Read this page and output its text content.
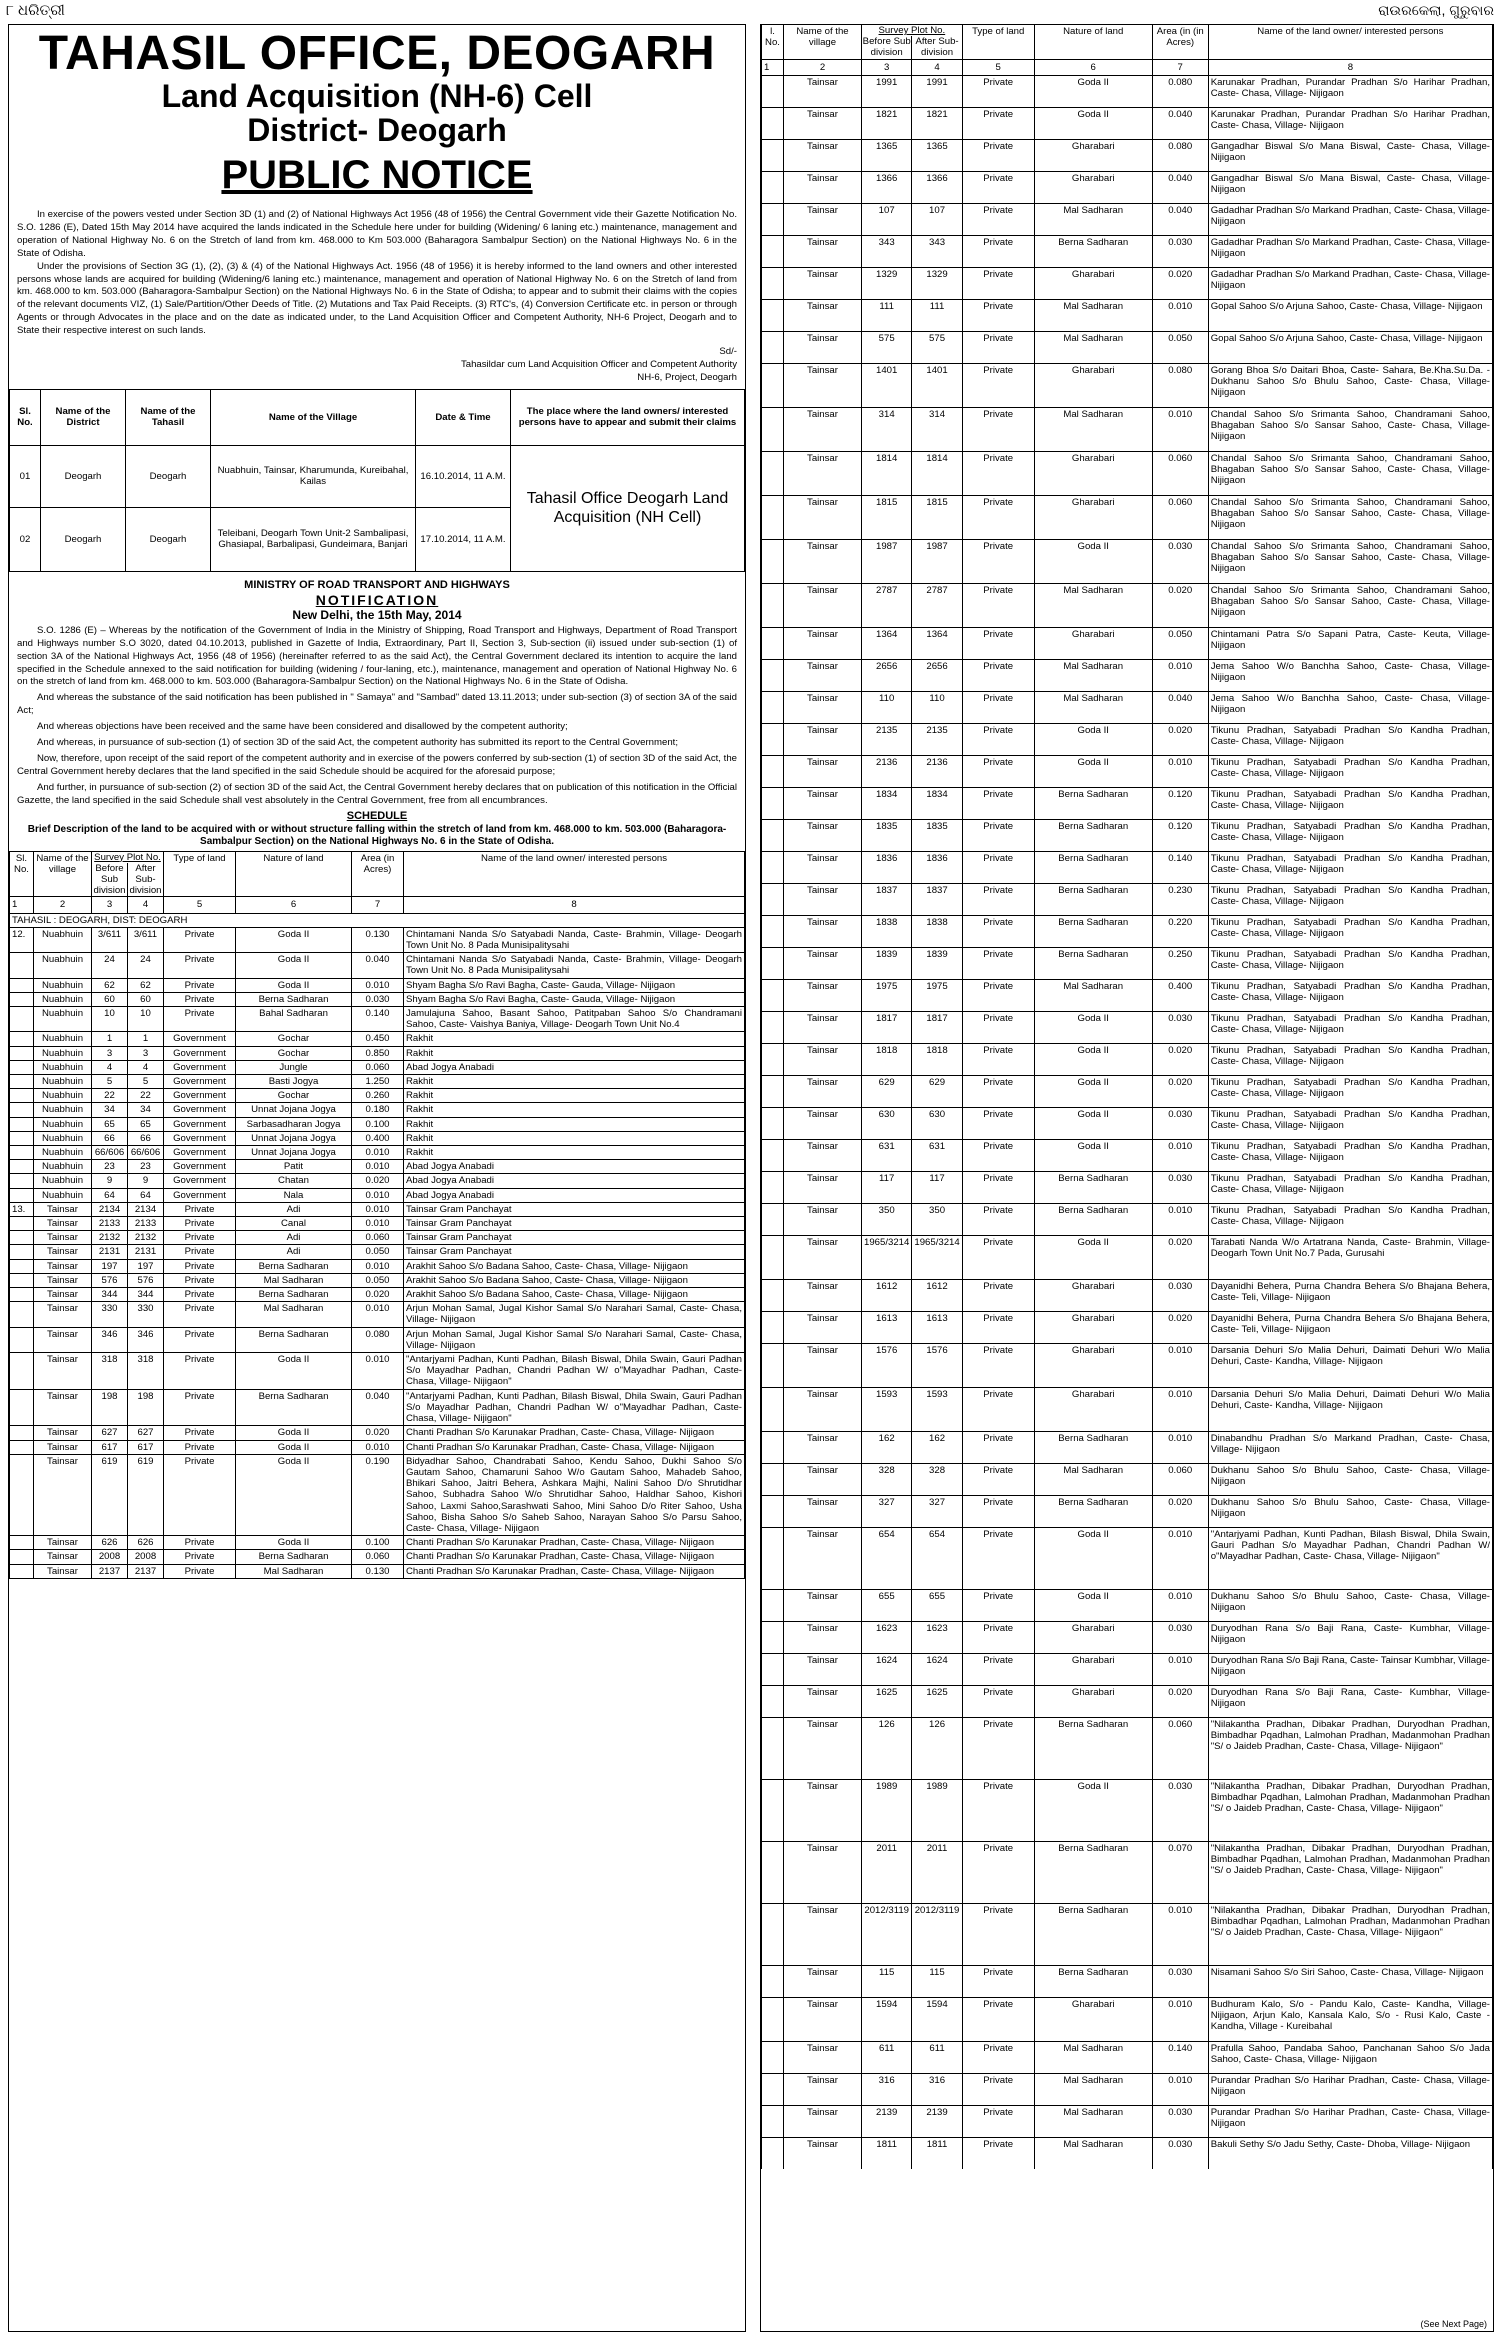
୮ ଧରିତ୍ରୀ	ରାଉରକେଲା, ଗୁରୁବାର
TAHASIL OFFICE, DEOGARH
Land Acquisition (NH-6) Cell
District- Deogarh
PUBLIC NOTICE

In exercise of the powers vested under Section 3D (1) and (2) of National Highways Act 1956 (48 of 1956) the Central Government vide their Gazette Notification No. S.O. 1286 (E), Dated 15th May 2014 have acquired the lands indicated in the Schedule here under for building (Widening/ 6 laning etc.) maintenance, management and operation of National Highway No. 6 on the Stretch of land from km. 468.000 to Km 503.000 (Baharagora Sambalpur Section) on the National Highways No. 6 in the State of Odisha.

Under the provisions of Section 3G (1), (2), (3) & (4) of the National Highways Act. 1956 (48 of 1956) it is hereby informed to the land owners and other interested persons whose lands are acquired for building (Widening/6 laning etc.) maintenance, management and operation of National Highway No. 6 on the Stretch of land from km. 468.000 to km. 503.000 (Baharagora-Sambalpur Section) on the National Highways No. 6 in the State of Odisha; to appear and to submit their claims with the copies of the relevant documents VIZ, (1) Sale/Partition/Other Deeds of Title. (2) Mutations and Tax Paid Receipts. (3) RTC's, (4) Conversion Certificate etc. in person or through Agents or through Advocates in the place and on the date as indicated under, to the Land Acquisition Officer and Competent Authority, NH-6 Project, Deogarh and to State their respective interest on such lands.

Sd/-
Tahasildar cum Land Acquisition Officer and Competent Authority
NH-6, Project, Deogarh
Sl. No.	Name of the District	Name of the Tahasil	Name of the Village	Date & Time	The place where the land owners/ interested persons have to appear and submit their claims
01	Deogarh	Deogarh	Nuabhuin, Tainsar, Kharumunda, Kureibahal, Kailas	16.10.2014, 11 A.M.	Tahasil Office Deogarh Land Acquisition (NH Cell)
02	Deogarh	Deogarh	Teleibani, Deogarh Town Unit-2 Sambalipasi, Ghasiapal, Barbalipasi, Gundeimara, Banjari	17.10.2014, 11 A.M.	
MINISTRY OF ROAD TRANSPORT AND HIGHWAYS
NOTIFICATION
New Delhi, the 15th May, 2014

S.O. 1286 (E) – Whereas by the notification of the Government of India in the Ministry of Shipping, Road Transport and Highways, Department of Road Transport and Highways number S.O 3020, dated 04.10.2013, published in Gazette of India, Extraordinary, Part II, Section 3, Sub-section (ii) issued under sub-section (1) of section 3A of the National Highways Act, 1956 (48 of 1956) (hereinafter referred to as the said Act), the Central Government declared its intention to acquire the land specified in the Schedule annexed to the said notification for building (widening / four-laning, etc.), maintenance, management and operation of National Highway No. 6 on the stretch of land from km. 468.000 to km. 503.000 (Baharagora-Sambalpur Section) on the National Highways No. 6 in the State of Odisha.

And whereas the substance of the said notification has been published in " Samaya" and "Sambad" dated 13.11.2013; under sub-section (3) of section 3A of the said Act;

And whereas objections have been received and the same have been considered and disallowed by the competent authority;

And whereas, in pursuance of sub-section (1) of section 3D of the said Act, the competent authority has submitted its report to the Central Government;

Now, therefore, upon receipt of the said report of the competent authority and in exercise of the powers conferred by sub-section (1) of section 3D of the said Act, the Central Government hereby declares that the land specified in the said Schedule should be acquired for the aforesaid purpose;

And further, in pursuance of sub-section (2) of section 3D of the said Act, the Central Government hereby declares that on publication of this notification in the Official Gazette, the land specified in the said Schedule shall vest absolutely in the Central Government, free from all encumbrances.

SCHEDULE
Brief Description of the land to be acquired with or without structure falling within the stretch of land from km. 468.000 to km. 503.000 (Baharagora-Sambalpur Section) on the National Highways No. 6 in the State of Odisha.
Sl. No.	Name of the village	Survey Plot No.
Before Sub division
After Sub- division		Type of land	Nature of land	Area (in Acres)	Name of the land owner/ interested persons
1	2	3	4	5	6	7	8
TAHASIL : DEOGARH, DIST: DEOGARH							
12.	Nuabhuin	3/611	3/611	Private	Goda II	0.130	Chintamani Nanda S/o Satyabadi Nanda, Caste- Brahmin, Village- Deogarh Town Unit No. 8 Pada Munisipalitysahi
	Nuabhuin	24	24	Private	Goda II	0.040	Chintamani Nanda S/o Satyabadi Nanda, Caste- Brahmin, Village- Deogarh Town Unit No. 8 Pada Munisipalitysahi
	Nuabhuin	62	62	Private	Goda II	0.010	Shyam Bagha S/o Ravi Bagha, Caste- Gauda, Village- Nijigaon
	Nuabhuin	60	60	Private	Berna Sadharan	0.030	Shyam Bagha S/o Ravi Bagha, Caste- Gauda, Village- Nijigaon
	Nuabhuin	10	10	Private	Bahal Sadharan	0.140	Jamulajuna Sahoo, Basant Sahoo, Patitpaban Sahoo S/o Chandramani Sahoo, Caste- Vaishya Baniya, Village- Deogarh Town Unit No.4
	Nuabhuin	1	1	Government	Gochar	0.450	Rakhit
	Nuabhuin	3	3	Government	Gochar	0.850	Rakhit
	Nuabhuin	4	4	Government	Jungle	0.060	Abad Jogya Anabadi
	Nuabhuin	5	5	Government	Basti Jogya	1.250	Rakhit
	Nuabhuin	22	22	Government	Gochar	0.260	Rakhit
	Nuabhuin	34	34	Government	Unnat Jojana Jogya	0.180	Rakhit
	Nuabhuin	65	65	Government	Sarbasadharan Jogya	0.100	Rakhit
	Nuabhuin	66	66	Government	Unnat Jojana Jogya	0.400	Rakhit
	Nuabhuin	66/606	66/606	Government	Unnat Jojana Jogya	0.010	Rakhit
	Nuabhuin	23	23	Government	Patit	0.010	Abad Jogya Anabadi
	Nuabhuin	9	9	Government	Chatan	0.020	Abad Jogya Anabadi
	Nuabhuin	64	64	Government	Nala	0.010	Abad Jogya Anabadi
13.	Tainsar	2134	2134	Private	Adi	0.010	Tainsar Gram Panchayat
	Tainsar	2133	2133	Private	Canal	0.010	Tainsar Gram Panchayat
	Tainsar	2132	2132	Private	Adi	0.060	Tainsar Gram Panchayat
	Tainsar	2131	2131	Private	Adi	0.050	Tainsar Gram Panchayat
	Tainsar	197	197	Private	Berna Sadharan	0.010	Arakhit Sahoo S/o Badana Sahoo, Caste- Chasa, Village- Nijigaon
	Tainsar	576	576	Private	Mal Sadharan	0.050	Arakhit Sahoo S/o Badana Sahoo, Caste- Chasa, Village- Nijigaon
	Tainsar	344	344	Private	Berna Sadharan	0.020	Arakhit Sahoo S/o Badana Sahoo, Caste- Chasa, Village- Nijigaon
	Tainsar	330	330	Private	Mal Sadharan	0.010	Arjun Mohan Samal, Jugal Kishor Samal S/o Narahari Samal, Caste- Chasa, Village- Nijigaon
	Tainsar	346	346	Private	Berna Sadharan	0.080	Arjun Mohan Samal, Jugal Kishor Samal S/o Narahari Samal, Caste- Chasa, Village- Nijigaon
	Tainsar	318	318	Private	Goda II	0.010	"Antarjyami Padhan, Kunti Padhan, Bilash Biswal, Dhila Swain, Gauri Padhan S/o Mayadhar Padhan, Chandri Padhan W/ o"Mayadhar Padhan, Caste- Chasa, Village- Nijigaon"
	Tainsar	198	198	Private	Berna Sadharan	0.040	"Antarjyami Padhan, Kunti Padhan, Bilash Biswal, Dhila Swain, Gauri Padhan S/o Mayadhar Padhan, Chandri Padhan W/ o"Mayadhar Padhan, Caste- Chasa, Village- Nijigaon"
	Tainsar	627	627	Private	Goda II	0.020	Chanti Pradhan S/o Karunakar Pradhan, Caste- Chasa, Village- Nijigaon
	Tainsar	617	617	Private	Goda II	0.010	Chanti Pradhan S/o Karunakar Pradhan, Caste- Chasa, Village- Nijigaon
	Tainsar	619	619	Private	Goda II	0.190	Bidyadhar Sahoo, Chandrabati Sahoo, Kendu Sahoo, Dukhi Sahoo S/o Gautam Sahoo, Chamaruni Sahoo W/o Gautam Sahoo, Mahadeb Sahoo, Bhikari Sahoo, Jaitri Behera, Ashkara Majhi, Nalini Sahoo D/o Shrutidhar Sahoo, Subhadra Sahoo W/o Shrutidhar Sahoo, Haldhar Sahoo, Kishori Sahoo, Laxmi Sahoo,Sarashwati Sahoo, Mini Sahoo D/o Riter Sahoo, Usha Sahoo, Bisha Sahoo S/o Saheb Sahoo, Narayan Sahoo S/o Parsu Sahoo, Caste- Chasa, Village- Nijigaon
	Tainsar	626	626	Private	Goda II	0.100	Chanti Pradhan S/o Karunakar Pradhan, Caste- Chasa, Village- Nijigaon
	Tainsar	2008	2008	Private	Berna Sadharan	0.060	Chanti Pradhan S/o Karunakar Pradhan, Caste- Chasa, Village- Nijigaon
	Tainsar	2137	2137	Private	Mal Sadharan	0.130	Chanti Pradhan S/o Karunakar Pradhan, Caste- Chasa, Village- Nijigaon
l. No.	Name of the village	Survey Plot No.
Before Sub division
After Sub- division		Type of land	Nature of land	Area (in (in Acres)	Name of the land owner/ interested persons
1	2	3	4	5	6	7	8
	Tainsar	1991	1991	Private	Goda II	0.080	Karunakar Pradhan, Purandar Pradhan S/o Harihar Pradhan, Caste- Chasa, Village- Nijigaon
	Tainsar	1821	1821	Private	Goda II	0.040	Karunakar Pradhan, Purandar Pradhan S/o Harihar Pradhan, Caste- Chasa, Village- Nijigaon
	Tainsar	1365	1365	Private	Gharabari	0.080	Gangadhar Biswal S/o Mana Biswal, Caste- Chasa, Village- Nijigaon
	Tainsar	1366	1366	Private	Gharabari	0.040	Gangadhar Biswal S/o Mana Biswal, Caste- Chasa, Village- Nijigaon
	Tainsar	107	107	Private	Mal Sadharan	0.040	Gadadhar Pradhan S/o Markand Pradhan, Caste- Chasa, Village- Nijigaon
	Tainsar	343	343	Private	Berna Sadharan	0.030	Gadadhar Pradhan S/o Markand Pradhan, Caste- Chasa, Village- Nijigaon
	Tainsar	1329	1329	Private	Gharabari	0.020	Gadadhar Pradhan S/o Markand Pradhan, Caste- Chasa, Village- Nijigaon
	Tainsar	111	111	Private	Mal Sadharan	0.010	Gopal Sahoo S/o Arjuna Sahoo, Caste- Chasa, Village- Nijigaon
	Tainsar	575	575	Private	Mal Sadharan	0.050	Gopal Sahoo S/o Arjuna Sahoo, Caste- Chasa, Village- Nijigaon
	Tainsar	1401	1401	Private	Gharabari	0.080	Gorang Bhoa S/o Daitari Bhoa, Caste- Sahara, Be.Kha.Su.Da. - Dukhanu Sahoo S/o Bhulu Sahoo, Caste- Chasa, Village- Nijigaon
	Tainsar	314	314	Private	Mal Sadharan	0.010	Chandal Sahoo S/o Srimanta Sahoo, Chandramani Sahoo, Bhagaban Sahoo S/o Sansar Sahoo, Caste- Chasa, Village- Nijigaon
	Tainsar	1814	1814	Private	Gharabari	0.060	Chandal Sahoo S/o Srimanta Sahoo, Chandramani Sahoo, Bhagaban Sahoo S/o Sansar Sahoo, Caste- Chasa, Village- Nijigaon
	Tainsar	1815	1815	Private	Gharabari	0.060	Chandal Sahoo S/o Srimanta Sahoo, Chandramani Sahoo, Bhagaban Sahoo S/o Sansar Sahoo, Caste- Chasa, Village- Nijigaon
	Tainsar	1987	1987	Private	Goda II	0.030	Chandal Sahoo S/o Srimanta Sahoo, Chandramani Sahoo, Bhagaban Sahoo S/o Sansar Sahoo, Caste- Chasa, Village- Nijigaon
	Tainsar	2787	2787	Private	Mal Sadharan	0.020	Chandal Sahoo S/o Srimanta Sahoo, Chandramani Sahoo, Bhagaban Sahoo S/o Sansar Sahoo, Caste- Chasa, Village- Nijigaon
	Tainsar	1364	1364	Private	Gharabari	0.050	Chintamani Patra S/o Sapani Patra, Caste- Keuta, Village- Nijigaon
	Tainsar	2656	2656	Private	Mal Sadharan	0.010	Jema Sahoo W/o Banchha Sahoo, Caste- Chasa, Village- Nijigaon
	Tainsar	110	110	Private	Mal Sadharan	0.040	Jema Sahoo W/o Banchha Sahoo, Caste- Chasa, Village- Nijigaon
	Tainsar	2135	2135	Private	Goda II	0.020	Tikunu Pradhan, Satyabadi Pradhan S/o Kandha Pradhan, Caste- Chasa, Village- Nijigaon
	Tainsar	2136	2136	Private	Goda II	0.010	Tikunu Pradhan, Satyabadi Pradhan S/o Kandha Pradhan, Caste- Chasa, Village- Nijigaon
	Tainsar	1834	1834	Private	Berna Sadharan	0.120	Tikunu Pradhan, Satyabadi Pradhan S/o Kandha Pradhan, Caste- Chasa, Village- Nijigaon
	Tainsar	1835	1835	Private	Berna Sadharan	0.120	Tikunu Pradhan, Satyabadi Pradhan S/o Kandha Pradhan, Caste- Chasa, Village- Nijigaon
	Tainsar	1836	1836	Private	Berna Sadharan	0.140	Tikunu Pradhan, Satyabadi Pradhan S/o Kandha Pradhan, Caste- Chasa, Village- Nijigaon
	Tainsar	1837	1837	Private	Berna Sadharan	0.230	Tikunu Pradhan, Satyabadi Pradhan S/o Kandha Pradhan, Caste- Chasa, Village- Nijigaon
	Tainsar	1838	1838	Private	Berna Sadharan	0.220	Tikunu Pradhan, Satyabadi Pradhan S/o Kandha Pradhan, Caste- Chasa, Village- Nijigaon
	Tainsar	1839	1839	Private	Berna Sadharan	0.250	Tikunu Pradhan, Satyabadi Pradhan S/o Kandha Pradhan, Caste- Chasa, Village- Nijigaon
	Tainsar	1975	1975	Private	Mal Sadharan	0.400	Tikunu Pradhan, Satyabadi Pradhan S/o Kandha Pradhan, Caste- Chasa, Village- Nijigaon
	Tainsar	1817	1817	Private	Goda II	0.030	Tikunu Pradhan, Satyabadi Pradhan S/o Kandha Pradhan, Caste- Chasa, Village- Nijigaon
	Tainsar	1818	1818	Private	Goda II	0.020	Tikunu Pradhan, Satyabadi Pradhan S/o Kandha Pradhan, Caste- Chasa, Village- Nijigaon
	Tainsar	629	629	Private	Goda II	0.020	Tikunu Pradhan, Satyabadi Pradhan S/o Kandha Pradhan, Caste- Chasa, Village- Nijigaon
	Tainsar	630	630	Private	Goda II	0.030	Tikunu Pradhan, Satyabadi Pradhan S/o Kandha Pradhan, Caste- Chasa, Village- Nijigaon
	Tainsar	631	631	Private	Goda II	0.010	Tikunu Pradhan, Satyabadi Pradhan S/o Kandha Pradhan, Caste- Chasa, Village- Nijigaon
	Tainsar	117	117	Private	Berna Sadharan	0.030	Tikunu Pradhan, Satyabadi Pradhan S/o Kandha Pradhan, Caste- Chasa, Village- Nijigaon
	Tainsar	350	350	Private	Berna Sadharan	0.010	Tikunu Pradhan, Satyabadi Pradhan S/o Kandha Pradhan, Caste- Chasa, Village- Nijigaon
	Tainsar	1965/3214	1965/3214	Private	Goda II	0.020	Tarabati Nanda W/o Artatrana Nanda, Caste- Brahmin, Village- Deogarh Town Unit No.7 Pada, Gurusahi
	Tainsar	1612	1612	Private	Gharabari	0.030	Dayanidhi Behera, Purna Chandra Behera S/o Bhajana Behera, Caste- Teli, Village- Nijigaon
	Tainsar	1613	1613	Private	Gharabari	0.020	Dayanidhi Behera, Purna Chandra Behera S/o Bhajana Behera, Caste- Teli, Village- Nijigaon
	Tainsar	1576	1576	Private	Gharabari	0.010	Darsania Dehuri S/o Malia Dehuri, Daimati Dehuri W/o Malia Dehuri, Caste- Kandha, Village- Nijigaon
	Tainsar	1593	1593	Private	Gharabari	0.010	Darsania Dehuri S/o Malia Dehuri, Daimati Dehuri W/o Malia Dehuri, Caste- Kandha, Village- Nijigaon
	Tainsar	162	162	Private	Berna Sadharan	0.010	Dinabandhu Pradhan S/o Markand Pradhan, Caste- Chasa, Village- Nijigaon
	Tainsar	328	328	Private	Mal Sadharan	0.060	Dukhanu Sahoo S/o Bhulu Sahoo, Caste- Chasa, Village- Nijigaon
	Tainsar	327	327	Private	Berna Sadharan	0.020	Dukhanu Sahoo S/o Bhulu Sahoo, Caste- Chasa, Village- Nijigaon
	Tainsar	654	654	Private	Goda II	0.010	"Antarjyami Padhan, Kunti Padhan, Bilash Biswal, Dhila Swain, Gauri Padhan S/o Mayadhar Padhan, Chandri Padhan W/ o"Mayadhar Padhan, Caste- Chasa, Village- Nijigaon"
	Tainsar	655	655	Private	Goda II	0.010	Dukhanu Sahoo S/o Bhulu Sahoo, Caste- Chasa, Village- Nijigaon
	Tainsar	1623	1623	Private	Gharabari	0.030	Duryodhan Rana S/o Baji Rana, Caste- Kumbhar, Village- Nijigaon
	Tainsar	1624	1624	Private	Gharabari	0.010	Duryodhan Rana S/o Baji Rana, Caste- Tainsar Kumbhar, Village- Nijigaon
	Tainsar	1625	1625	Private	Gharabari	0.020	Duryodhan Rana S/o Baji Rana, Caste- Kumbhar, Village- Nijigaon
	Tainsar	126	126	Private	Berna Sadharan	0.060	"Nilakantha Pradhan, Dibakar Pradhan, Duryodhan Pradhan, Bimbadhar Pqadhan, Lalmohan Pradhan, Madanmohan Pradhan "S/ o Jaideb Pradhan, Caste- Chasa, Village- Nijigaon"
	Tainsar	1989	1989	Private	Goda II	0.030	"Nilakantha Pradhan, Dibakar Pradhan, Duryodhan Pradhan, Bimbadhar Pqadhan, Lalmohan Pradhan, Madanmohan Pradhan "S/ o Jaideb Pradhan, Caste- Chasa, Village- Nijigaon"
	Tainsar	2011	2011	Private	Berna Sadharan	0.070	"Nilakantha Pradhan, Dibakar Pradhan, Duryodhan Pradhan, Bimbadhar Pqadhan, Lalmohan Pradhan, Madanmohan Pradhan "S/ o Jaideb Pradhan, Caste- Chasa, Village- Nijigaon"
	Tainsar	2012/3119	2012/3119	Private	Berna Sadharan	0.010	"Nilakantha Pradhan, Dibakar Pradhan, Duryodhan Pradhan, Bimbadhar Pqadhan, Lalmohan Pradhan, Madanmohan Pradhan "S/ o Jaideb Pradhan, Caste- Chasa, Village- Nijigaon"
	Tainsar	115	115	Private	Berna Sadharan	0.030	Nisamani Sahoo S/o Siri Sahoo, Caste- Chasa, Village- Nijigaon
	Tainsar	1594	1594	Private	Gharabari	0.010	Budhuram Kalo, S/o - Pandu Kalo, Caste- Kandha, Village- Nijigaon, Arjun Kalo, Kansala Kalo, S/o - Rusi Kalo, Caste - Kandha, Village - Kureibahal
	Tainsar	611	611	Private	Mal Sadharan	0.140	Prafulla Sahoo, Pandaba Sahoo, Panchanan Sahoo S/o Jada Sahoo, Caste- Chasa, Village- Nijigaon
	Tainsar	316	316	Private	Mal Sadharan	0.010	Purandar Pradhan S/o Harihar Pradhan, Caste- Chasa, Village- Nijigaon
	Tainsar	2139	2139	Private	Mal Sadharan	0.030	Purandar Pradhan S/o Harihar Pradhan, Caste- Chasa, Village- Nijigaon
	Tainsar	1811	1811	Private	Mal Sadharan	0.030	Bakuli Sethy S/o Jadu Sethy, Caste- Dhoba, Village- Nijigaon
(See Next Page)
